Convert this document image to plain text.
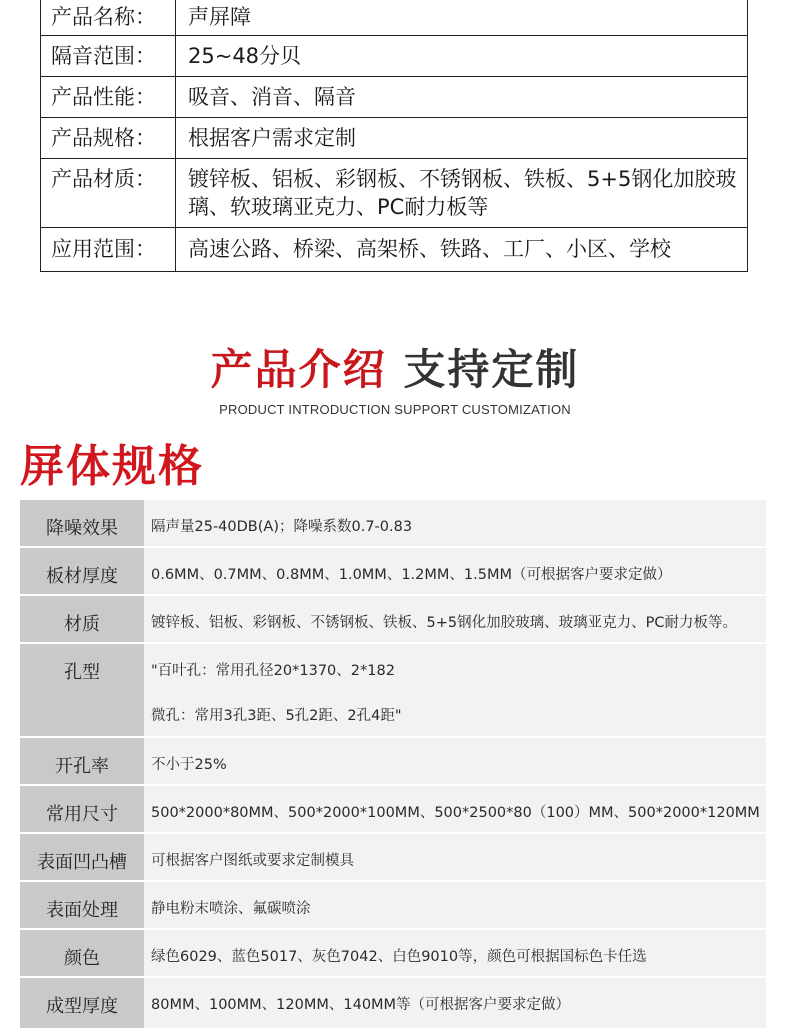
产品名称：	声屏障
隔音范围：	25~48分贝
产品性能：	吸音、消音、隔音
产品规格：	根据客户需求定制
产品材质：	镀锌板、铝板、彩钢板、不锈钢板、铁板、5+5钢化加胶玻璃、软玻璃亚克力、PC耐力板等
应用范围：	高速公路、桥梁、高架桥、铁路、工厂、小区、学校
产品介绍 支持定制
PRODUCT INTRODUCTION SUPPORT CUSTOMIZATION
屏体规格
降噪效果	隔声量25-40DB(A)；降噪系数0.7-0.83
板材厚度	0.6MM、0.7MM、0.8MM、1.0MM、1.2MM、1.5MM（可根据客户要求定做）
材质	镀锌板、铝板、彩钢板、不锈钢板、铁板、5+5钢化加胶玻璃、玻璃亚克力、PC耐力板等。
孔型	"百叶孔：常用孔径20*1370、2*182
微孔：常用3孔3距、5孔2距、2孔4距"
开孔率	不小于25%
常用尺寸	500*2000*80MM、500*2000*100MM、500*2500*80（100）MM、500*2000*120MM
表面凹凸槽	可根据客户图纸或要求定制模具
表面处理	静电粉末喷涂、氟碳喷涂
颜色	绿色6029、蓝色5017、灰色7042、白色9010等，颜色可根据国标色卡任选
成型厚度	80MM、100MM、120MM、140MM等（可根据客户要求定做）
